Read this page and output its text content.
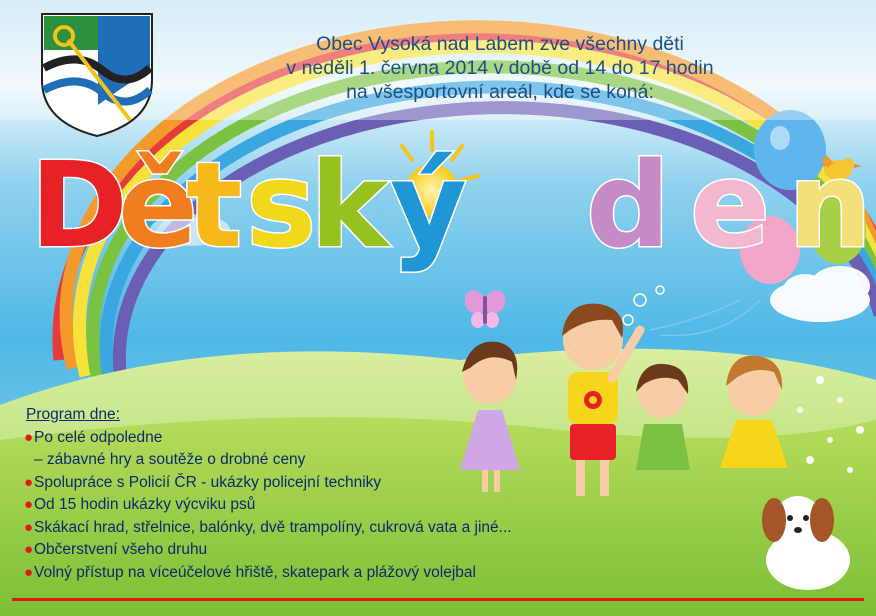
Obec Vysoká nad Labem zve všechny děti
v neděli 1. června 2014 v době od 14 do 17 hodin
na všesportovní areál, kde se koná:
D
ě
t s
k ý d e n
Program dne:
●Po celé odpoledne
– zábavné hry a soutěže o drobné ceny
●Spolupráce s Policií ČR - ukázky policejní techniky
●Od 15 hodin ukázky výcviku psů
●Skákací hrad, střelnice, balónky, dvě trampolíny, cukrová vata a jiné...
●Občerstvení všeho druhu
●Volný přístup na víceúčelové hřiště, skatepark a plážový volejbal
